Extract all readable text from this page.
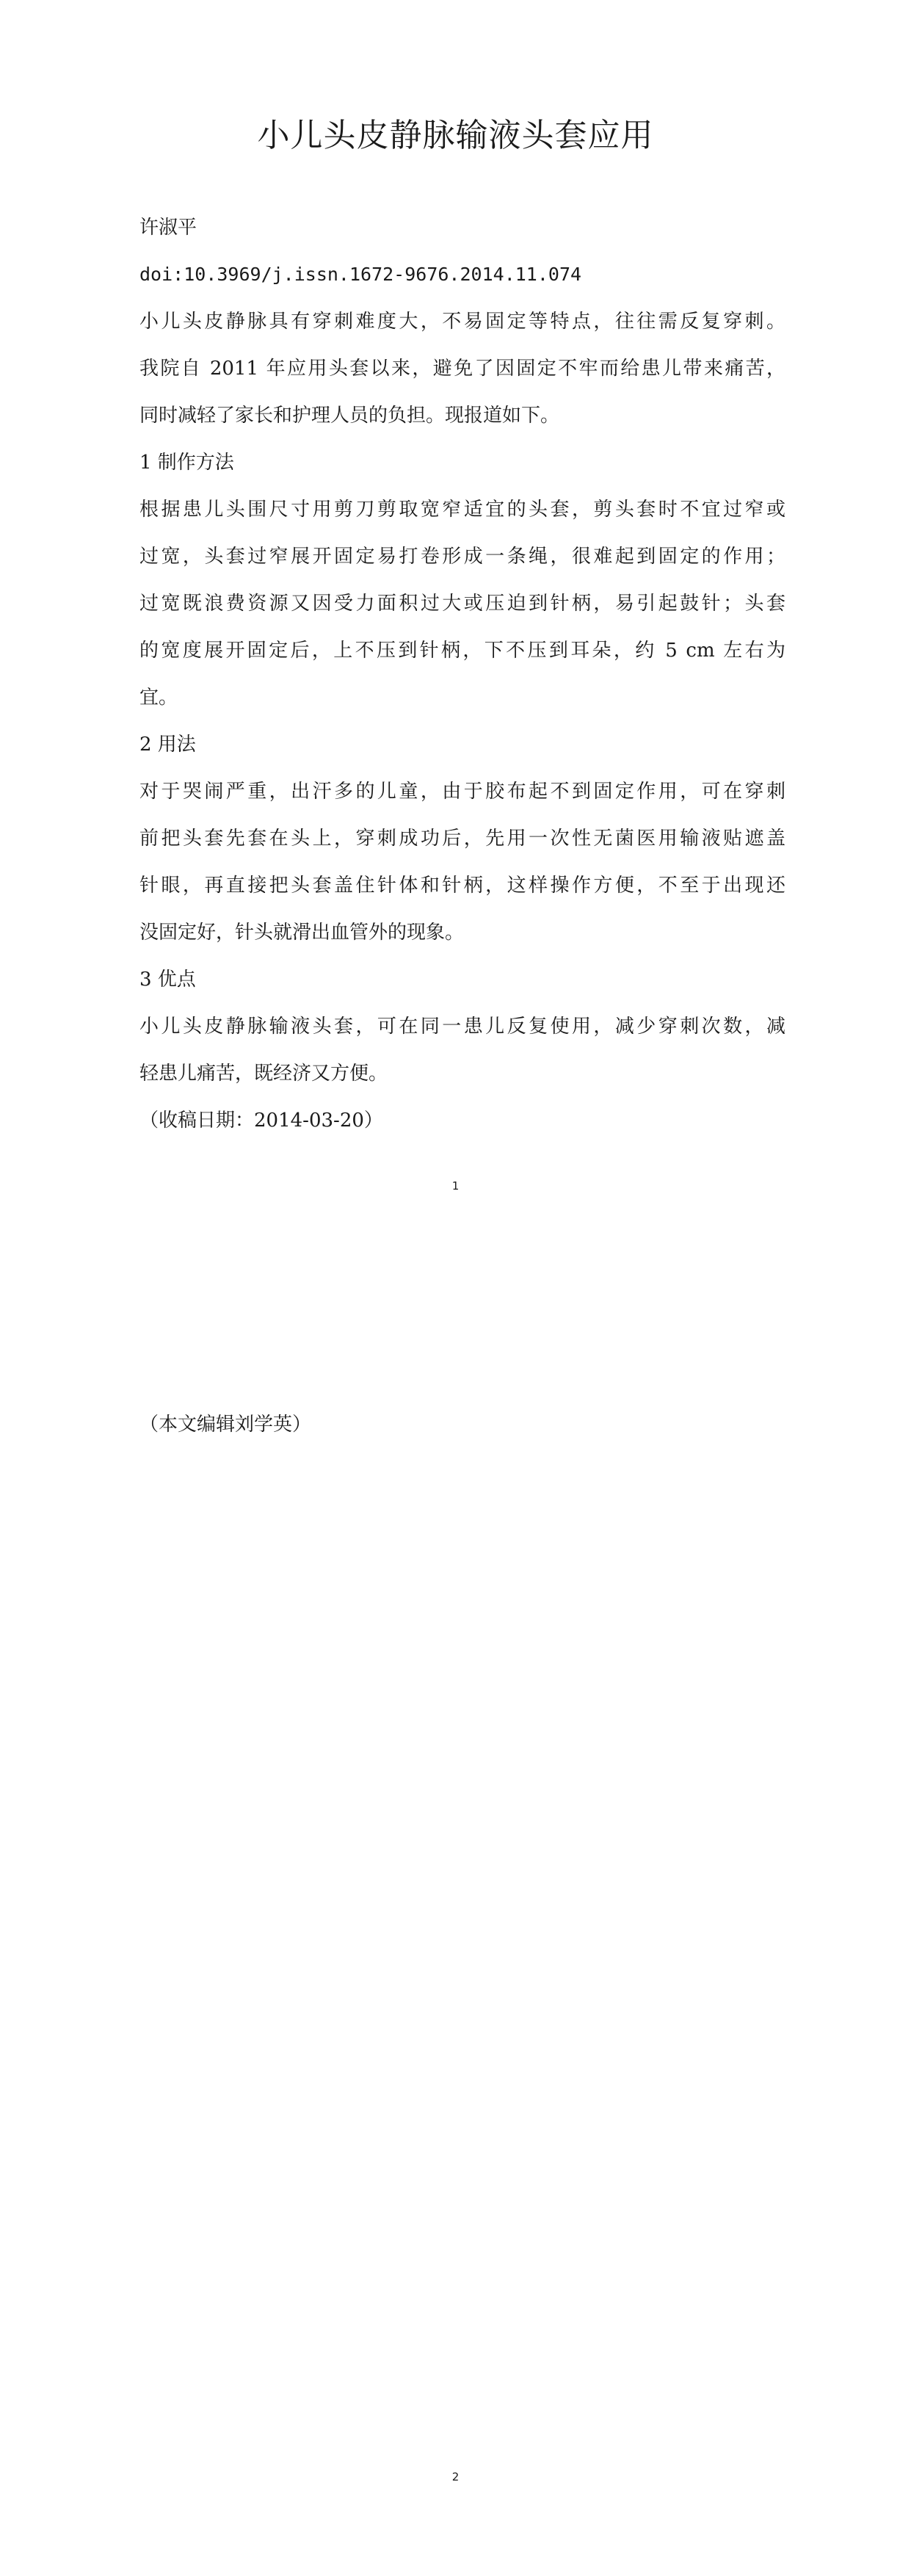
小儿头皮静脉输液头套应用
许淑平
doi:10.3969/j.issn.1672-9676.2014.11.074
小儿头皮静脉具有穿刺难度大，不易固定等特点，往往需反复穿刺。
我院自 2011 年应用头套以来，避免了因固定不牢而给患儿带来痛苦，
同时减轻了家长和护理人员的负担。现报道如下。
1 制作方法
根据患儿头围尺寸用剪刀剪取宽窄适宜的头套，剪头套时不宜过窄或
过宽，头套过窄展开固定易打卷形成一条绳，很难起到固定的作用；
过宽既浪费资源又因受力面积过大或压迫到针柄，易引起鼓针；头套
的宽度展开固定后，上不压到针柄，下不压到耳朵，约 5 cm 左右为
宜。
2 用法
对于哭闹严重，出汗多的儿童，由于胶布起不到固定作用，可在穿刺
前把头套先套在头上，穿刺成功后，先用一次性无菌医用输液贴遮盖
针眼，再直接把头套盖住针体和针柄，这样操作方便，不至于出现还
没固定好，针头就滑出血管外的现象。
3 优点
小儿头皮静脉输液头套，可在同一患儿反复使用，减少穿刺次数，减
轻患儿痛苦，既经济又方便。
（收稿日期：2014-03-20）
1
（本文编辑刘学英）
2
